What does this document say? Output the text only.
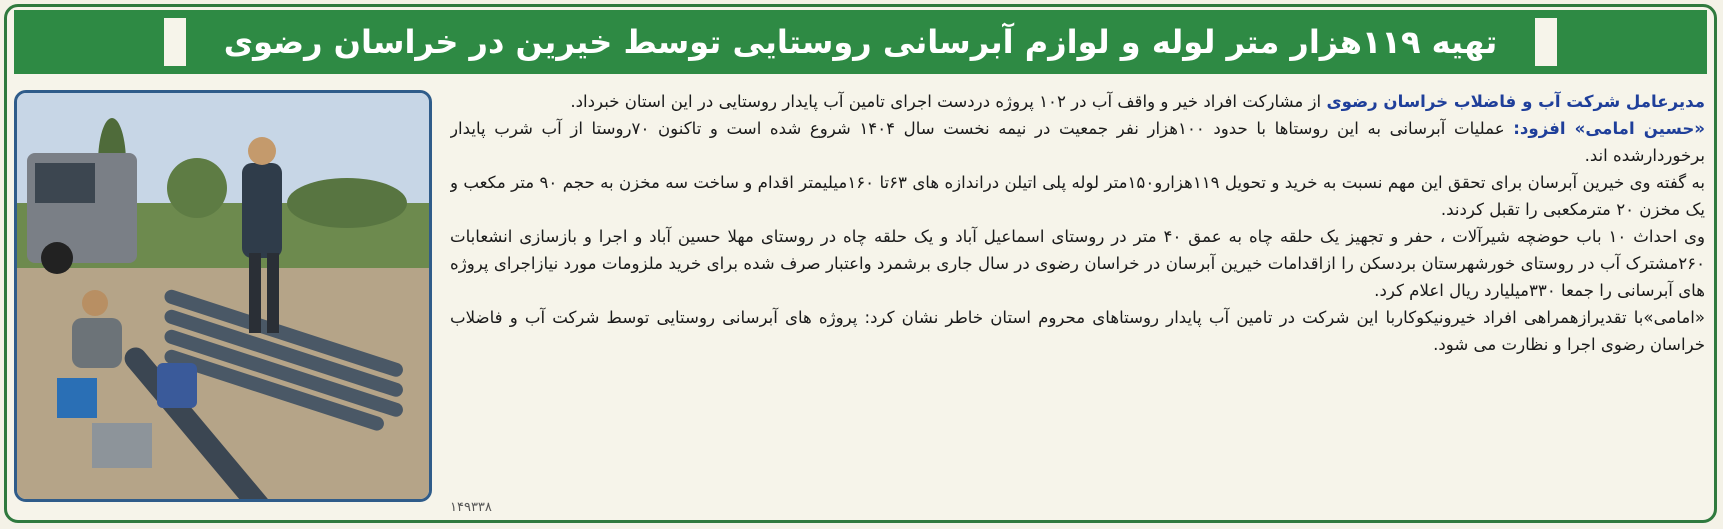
تهیه ۱۱۹هزار متر لوله و لوازم آبرسانی روستایی توسط خیرین در خراسان رضوی

مدیرعامل شرکت آب و فاضلاب خراسان رضوی از مشارکت افراد خیر و واقف آب در ۱۰۲ پروژه دردست اجرای تامین آب پایدار روستایی در این استان خبرداد.

«حسین امامی» افزود: عملیات آبرسانی به این روستاها با حدود ۱۰۰هزار نفر جمعیت در نیمه نخست سال ۱۴۰۴ شروع شده است و تاکنون ۷۰روستا از آب شرب پایدار برخوردارشده اند.

به گفته وی خیرین آبرسان برای تحقق این مهم نسبت به خرید و تحویل ۱۱۹هزارو۱۵۰متر لوله پلی اتیلن دراندازه های ۶۳تا ۱۶۰میلیمتر اقدام و ساخت سه مخزن به حجم ۹۰ متر مکعب و یک مخزن ۲۰ مترمکعبی را تقبل کردند.

وی احداث ۱۰ باب حوضچه شیرآلات ، حفر و تجهیز یک حلقه چاه به عمق ۴۰ متر در روستای اسماعیل آباد و یک حلقه چاه در روستای مهلا حسین آباد و اجرا و بازسازی انشعابات ۲۶۰مشترک آب در روستای خورشهرستان بردسکن را ازاقدامات خیرین آبرسان در خراسان رضوی در سال جاری برشمرد واعتبار صرف شده برای خرید ملزومات مورد نیازاجرای پروژه های آبرسانی را جمعا ۳۳۰میلیارد ریال اعلام کرد.

«امامی»با تقدیرازهمراهی افراد خیرونیکوکاربا این شرکت در تامین آب پایدار روستاهای محروم استان خاطر نشان کرد: پروژه های آبرسانی روستایی توسط شرکت آب و فاضلاب خراسان رضوی اجرا و نظارت می شود.

۱۴۹۳۳۸
